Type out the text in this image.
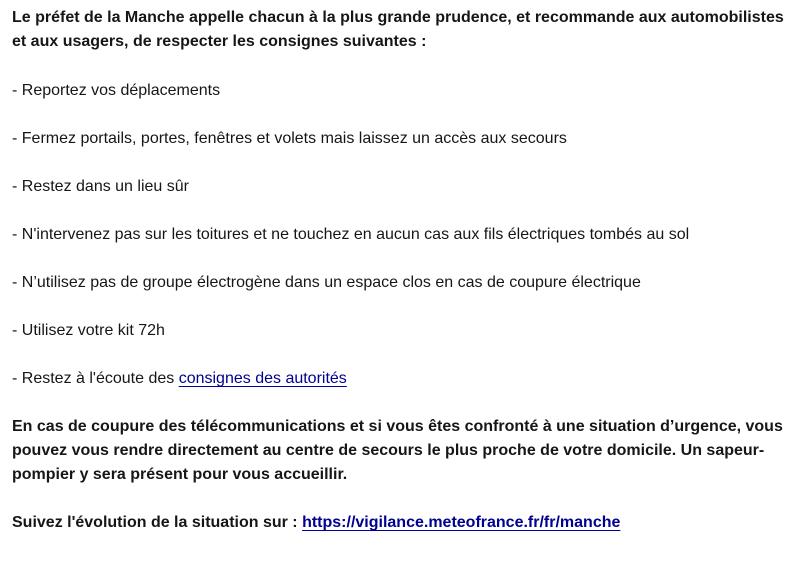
Le préfet de la Manche appelle chacun à la plus grande prudence, et recommande aux automobilistes et aux usagers, de respecter les consignes suivantes :

- Reportez vos déplacements

- Fermez portails, portes, fenêtres et volets mais laissez un accès aux secours

- Restez dans un lieu sûr

- N'intervenez pas sur les toitures et ne touchez en aucun cas aux fils électriques tombés au sol

- N’utilisez pas de groupe électrogène dans un espace clos en cas de coupure électrique

- Utilisez votre kit 72h

- Restez à l'écoute des consignes des autorités

En cas de coupure des télécommunications et si vous êtes confronté à une situation d’urgence, vous pouvez vous rendre directement au centre de secours le plus proche de votre domicile. Un sapeur-pompier y sera présent pour vous accueillir.

Suivez l'évolution de la situation sur : https://vigilance.meteofrance.fr/fr/manche
